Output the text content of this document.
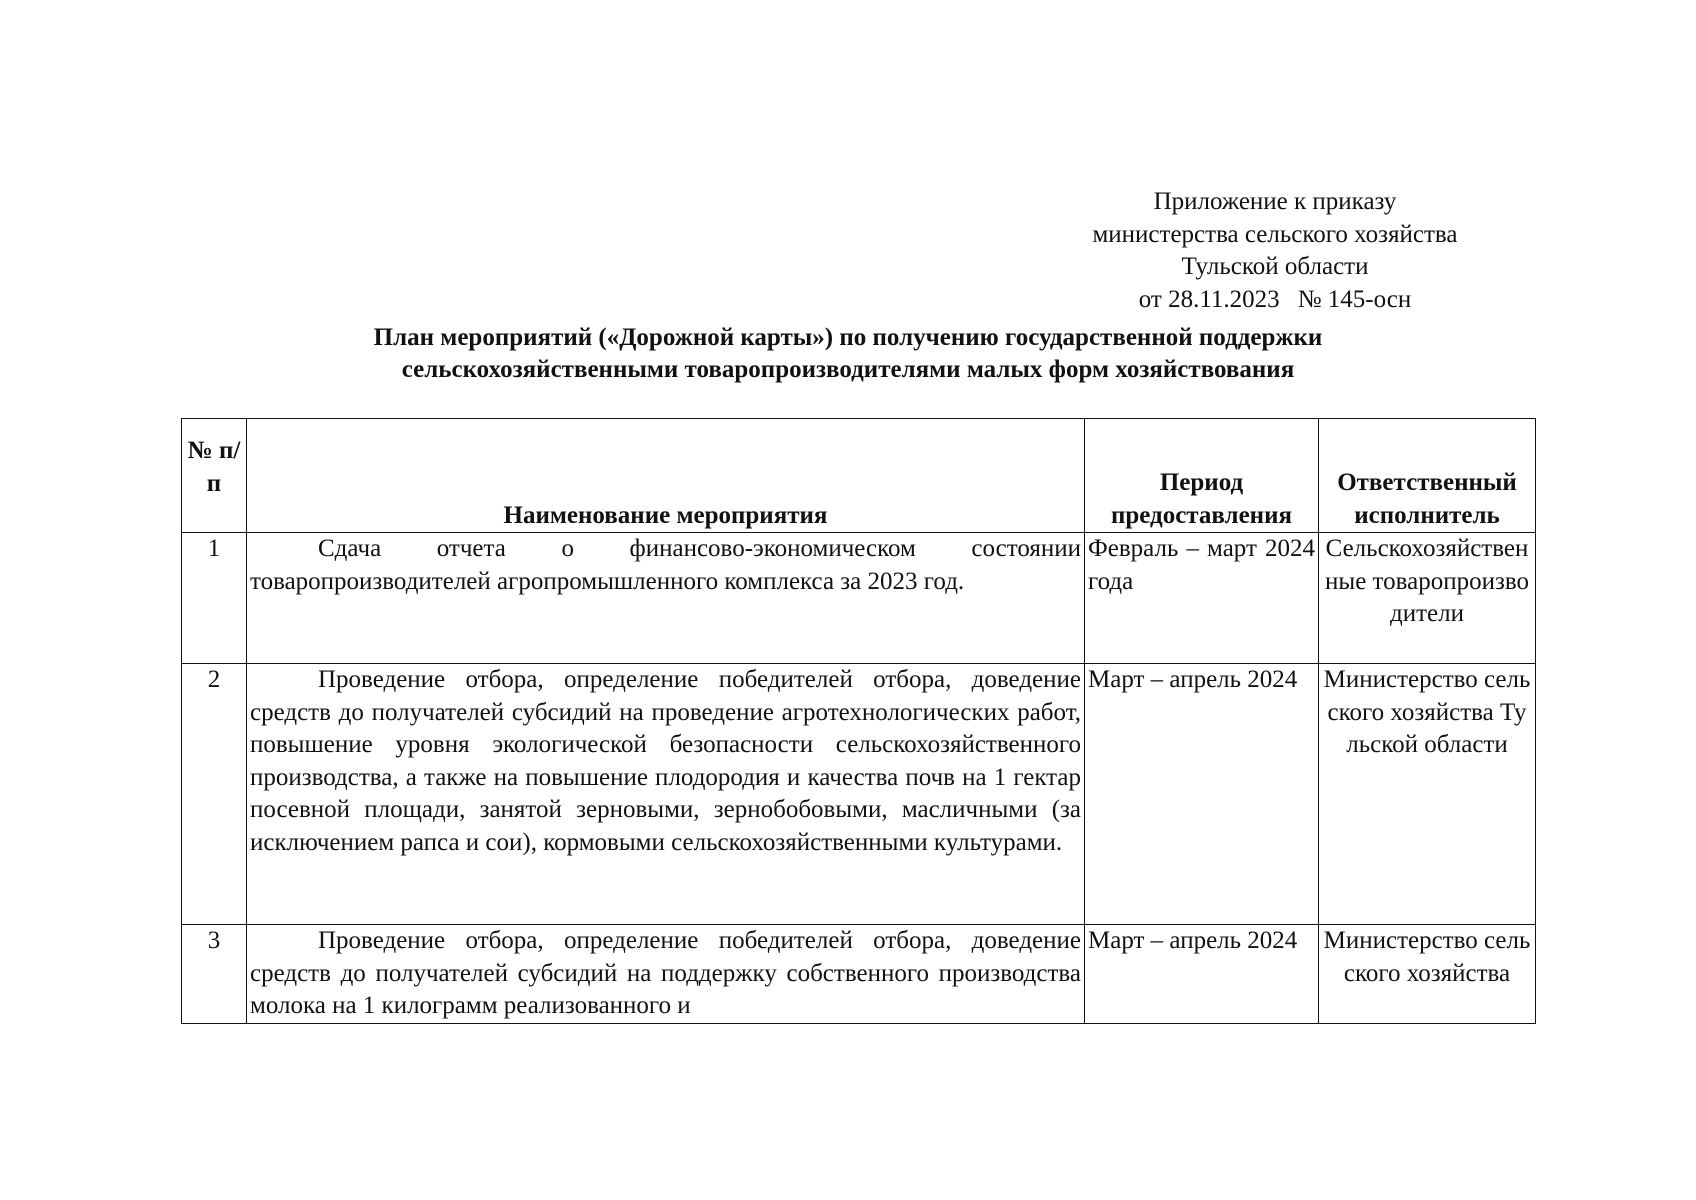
Приложение к приказу
министерства сельского хозяйства
Тульской области
от 28.11.2023 № 145-осн
План мероприятий («Дорожной карты») по получению государственной поддержки
сельскохозяйственными товаропроизводителями малых форм хозяйствования
№ п/п	Наименование мероприятия	Период предоставления	Ответственный исполнитель
1	Сдача отчета о финансово-экономическом состоянии товаропроизводителей агропромышленного комплекса за 2023 год.	Февраль – март 2024 года	Сельскохозяйственные товаропроизводители
2	Проведение отбора, определение победителей отбора, доведение средств до получателей субсидий на проведение агротехнологических работ, повышение уровня экологической безопасности сельскохозяйственного производства, а также на повышение плодородия и качества почв на 1 гектар посевной площади, занятой зерновыми, зернобобовыми, масличными (за исключением рапса и сои), кормовыми сельскохозяйственными культурами.	Март – апрель 2024	Министерство сельского хозяйства Тульской области
3	Проведение отбора, определение победителей отбора, доведение средств до получателей субсидий на поддержку собственного производства молока на 1 килограмм реализованного и	Март – апрель 2024	Министерство сельского хозяйства
